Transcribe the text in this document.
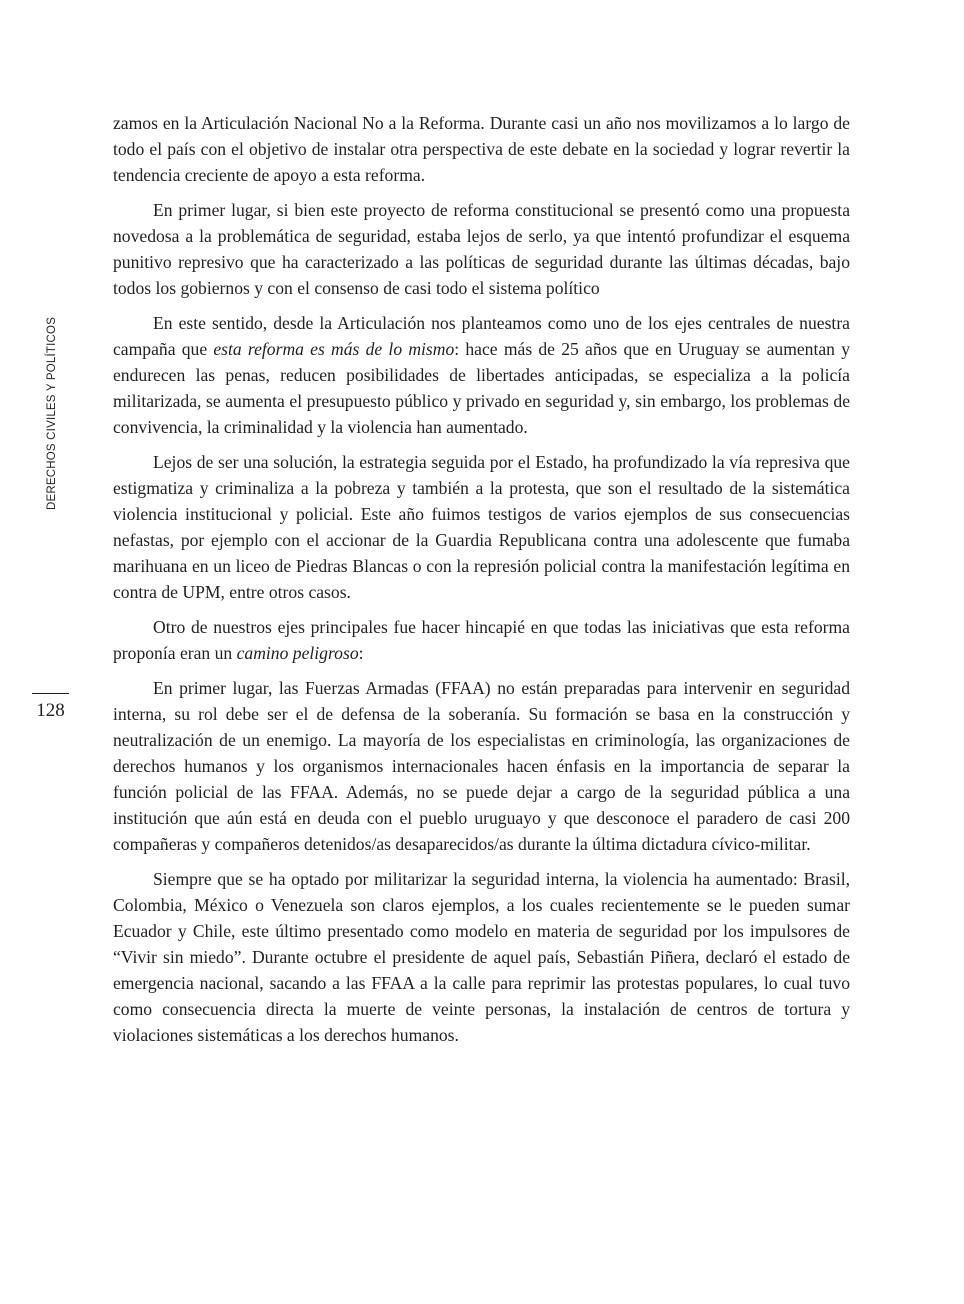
DERECHOS CIVILES Y POLÍTICOS
128

zamos en la Articulación Nacional No a la Reforma. Durante casi un año nos movilizamos a lo largo de todo el país con el objetivo de instalar otra perspectiva de este debate en la sociedad y lograr revertir la tendencia creciente de apoyo a esta reforma.

En primer lugar, si bien este proyecto de reforma constitucional se presentó como una propuesta novedosa a la problemática de seguridad, estaba lejos de serlo, ya que intentó profundizar el esquema punitivo represivo que ha caracterizado a las políticas de seguridad durante las últimas décadas, bajo todos los gobiernos y con el consenso de casi todo el sistema político

En este sentido, desde la Articulación nos planteamos como uno de los ejes centrales de nuestra campaña que esta reforma es más de lo mismo: hace más de 25 años que en Uruguay se aumentan y endurecen las penas, reducen posibilidades de libertades anticipadas, se especializa a la policía militarizada, se aumenta el presupuesto público y privado en seguridad y, sin embargo, los problemas de convivencia, la criminalidad y la violencia han aumentado.

Lejos de ser una solución, la estrategia seguida por el Estado, ha profundizado la vía represiva que estigmatiza y criminaliza a la pobreza y también a la protesta, que son el resultado de la sistemática violencia institucional y policial. Este año fuimos testigos de varios ejemplos de sus consecuencias nefastas, por ejemplo con el accionar de la Guardia Republicana contra una adolescente que fumaba marihuana en un liceo de Piedras Blancas o con la represión policial contra la manifestación legítima en contra de UPM, entre otros casos.

Otro de nuestros ejes principales fue hacer hincapié en que todas las iniciativas que esta reforma proponía eran un camino peligroso:

En primer lugar, las Fuerzas Armadas (FFAA) no están preparadas para intervenir en seguridad interna, su rol debe ser el de defensa de la soberanía. Su formación se basa en la construcción y neutralización de un enemigo. La mayoría de los especialistas en criminología, las organizaciones de derechos humanos y los organismos internacionales hacen énfasis en la importancia de separar la función policial de las FFAA. Además, no se puede dejar a cargo de la seguridad pública a una institución que aún está en deuda con el pueblo uruguayo y que desconoce el paradero de casi 200 compañeras y compañeros detenidos/as desaparecidos/as durante la última dictadura cívico-militar.

Siempre que se ha optado por militarizar la seguridad interna, la violencia ha aumentado: Brasil, Colombia, México o Venezuela son claros ejemplos, a los cuales recientemente se le pueden sumar Ecuador y Chile, este último presentado como modelo en materia de seguridad por los impulsores de “Vivir sin miedo”. Durante octubre el presidente de aquel país, Sebastián Piñera, declaró el estado de emergencia nacional, sacando a las FFAA a la calle para reprimir las protestas populares, lo cual tuvo como consecuencia directa la muerte de veinte personas, la instalación de centros de tortura y violaciones sistemáticas a los derechos humanos.
